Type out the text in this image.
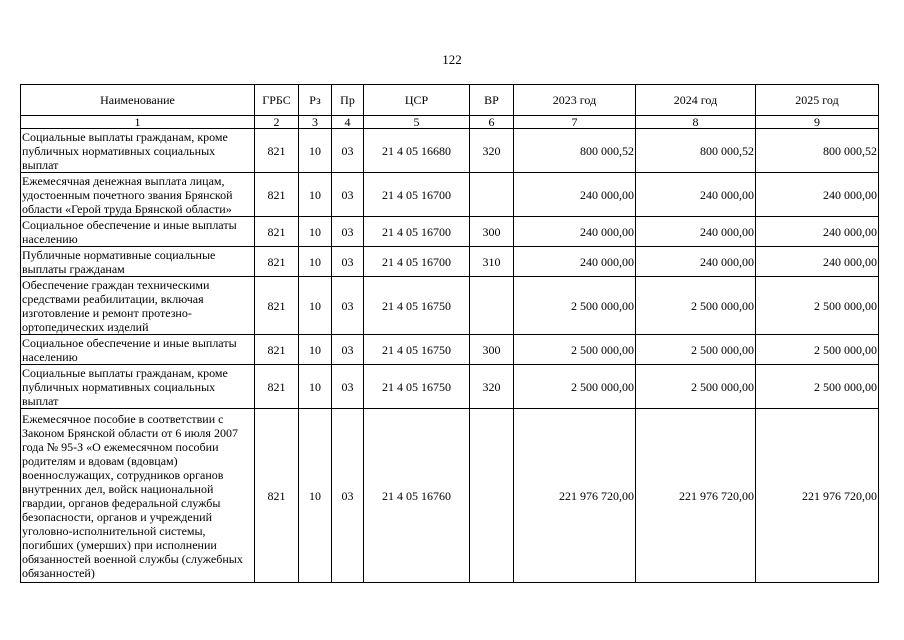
122
Наименование	ГРБС	Рз	Пр	ЦСР	ВР	2023 год	2024 год	2025 год
1	2	3	4	5	6	7	8	9
Социальные выплаты гражданам, кроме публичных нормативных социальных выплат	821	10	03	21 4 05 16680	320	800 000,52	800 000,52	800 000,52
Ежемесячная денежная выплата лицам, удостоенным почетного звания Брянской области «Герой труда Брянской области»	821	10	03	21 4 05 16700		240 000,00	240 000,00	240 000,00
Социальное обеспечение и иные выплаты населению	821	10	03	21 4 05 16700	300	240 000,00	240 000,00	240 000,00
Публичные нормативные социальные выплаты гражданам	821	10	03	21 4 05 16700	310	240 000,00	240 000,00	240 000,00
Обеспечение граждан техническими средствами реабилитации, включая изготовление и ремонт протезно-ортопедических изделий	821	10	03	21 4 05 16750		2 500 000,00	2 500 000,00	2 500 000,00
Социальное обеспечение и иные выплаты населению	821	10	03	21 4 05 16750	300	2 500 000,00	2 500 000,00	2 500 000,00
Социальные выплаты гражданам, кроме публичных нормативных социальных выплат	821	10	03	21 4 05 16750	320	2 500 000,00	2 500 000,00	2 500 000,00
Ежемесячное пособие в соответствии с Законом Брянской области от 6 июля 2007 года № 95-З «О ежемесячном пособии родителям и вдовам (вдовцам) военнослужащих, сотрудников органов внутренних дел, войск национальной гвардии, органов федеральной службы безопасности, органов и учреждений уголовно-исполнительной системы, погибших (умерших) при исполнении обязанностей военной службы (служебных обязанностей)	821	10	03	21 4 05 16760		221 976 720,00	221 976 720,00	221 976 720,00
